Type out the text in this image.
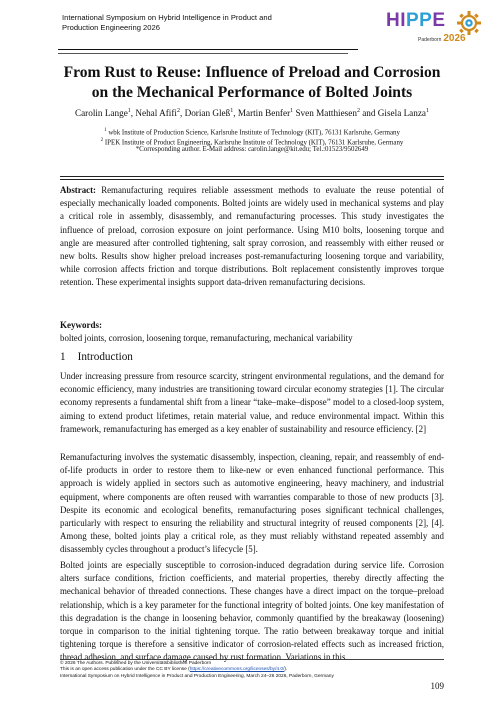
International Symposium on Hybrid Intelligence in Product and
Production Engineering 2026	HIPPE
Paderborn 2026
From Rust to Reuse: Influence of Preload and Corrosion
on the Mechanical Performance of Bolted Joints
Carolin Lange$^1$, Nehal Afifi$^2$, Dorian Gleß$^1$, Martin Benfer$^1$ Sven Matthiesen$^2$ and Gisela Lanza$^1$
$^1$ wbk Institute of Production Science, Karlsruhe Institute of Technology (KIT), 76131 Karlsruhe, Germany
$^2$ IPEK Institute of Product Engineering, Karlsruhe Institute of Technology (KIT), 76131 Karlsruhe, Germany
*Corresponding author. E-Mail address: carolin.lange@kit.edu; Tel.:01523/9502649
Abstract: Remanufacturing requires reliable assessment methods to evaluate the reuse potential of especially mechanically loaded components. Bolted joints are widely used in mechanical systems and play a critical role in assembly, disassembly, and remanufacturing processes. This study investigates the influence of preload, corrosion exposure on joint performance. Using M10 bolts, loosening torque and angle are measured after controlled tightening, salt spray corrosion, and reassembly with either reused or new bolts. Results show higher preload increases post-remanufacturing loosening torque and variability, while corrosion affects friction and torque distributions. Bolt replacement consistently improves torque retention. These experimental insights support data-driven remanufacturing decisions.
Keywords:
bolted joints, corrosion, loosening torque, remanufacturing, mechanical variability
1 Introduction
Under increasing pressure from resource scarcity, stringent environmental regulations, and the demand for economic efficiency, many industries are transitioning toward circular economy strategies [1]. The circular economy represents a fundamental shift from a linear “take–make–dispose” model to a closed-loop system, aiming to extend product lifetimes, retain material value, and reduce environmental impact. Within this framework, remanufacturing has emerged as a key enabler of sustainability and resource efficiency. [2]
Remanufacturing involves the systematic disassembly, inspection, cleaning, repair, and reassembly of end-of-life products in order to restore them to like-new or even enhanced functional performance. This approach is widely applied in sectors such as automotive engineering, heavy machinery, and industrial equipment, where components are often reused with warranties comparable to those of new products [3]. Despite its economic and ecological benefits, remanufacturing poses significant technical challenges, particularly with respect to ensuring the reliability and structural integrity of reused components [2], [4]. Among these, bolted joints play a critical role, as they must reliably withstand repeated assembly and disassembly cycles throughout a product’s lifecycle [5].
Bolted joints are especially susceptible to corrosion-induced degradation during service life. Corrosion alters surface conditions, friction coefficients, and material properties, thereby directly affecting the mechanical behavior of threaded connections. These changes have a direct impact on the torque–preload relationship, which is a key parameter for the functional integrity of bolted joints. One key manifestation of this degradation is the change in loosening behavior, commonly quantified by the breakaway (loosening) torque in comparison to the initial tightening torque. The ratio between breakaway torque and initial tightening torque is therefore a sensitive indicator of corrosion-related effects such as increased friction, thread adhesion, and surface damage caused by rust formation. Variations in this
© 2026 The Authors. Published by the Universitätsbibliothek Paderborn
This is an open access publication under the CC BY license (https://creativecommons.org/licenses/by/4.0/).
International Symposium on Hybrid Intelligence in Product and Production Engineering, March 24–26 2026, Paderborn, Germany
109
